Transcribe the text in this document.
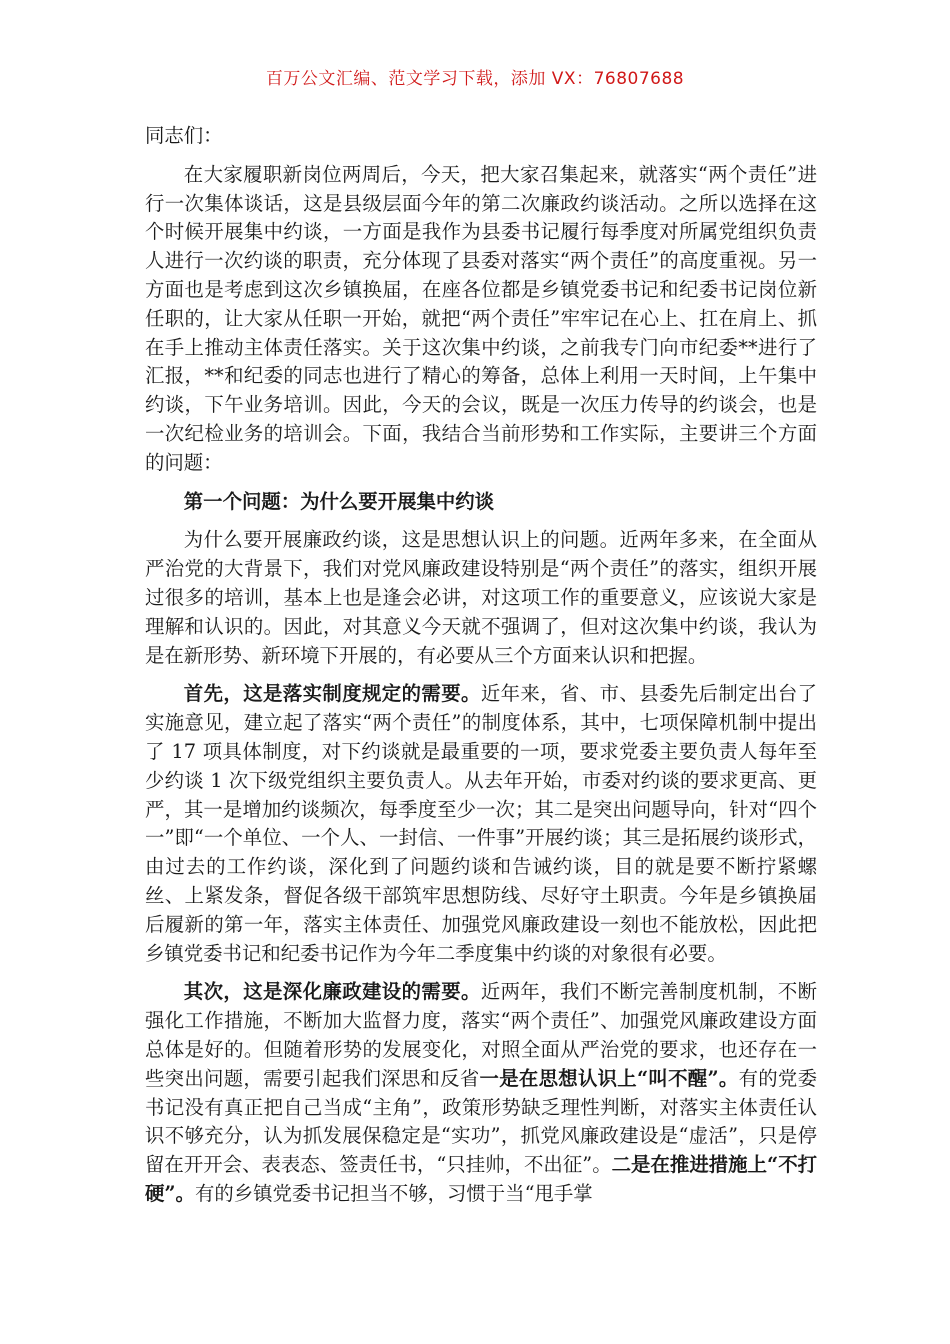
百万公文汇编、范文学习下载，添加 VX：76807688
同志们：
在大家履职新岗位两周后，今天，把大家召集起来，就落实“两个责任”进行一次集体谈话，这是县级层面今年的第二次廉政约谈活动。之所以选择在这个时候开展集中约谈，一方面是我作为县委书记履行每季度对所属党组织负责人进行一次约谈的职责，充分体现了县委对落实“两个责任”的高度重视。另一方面也是考虑到这次乡镇换届，在座各位都是乡镇党委书记和纪委书记岗位新任职的，让大家从任职一开始，就把“两个责任”牢牢记在心上、扛在肩上、抓在手上推动主体责任落实。关于这次集中约谈，之前我专门向市纪委**进行了汇报，**和纪委的同志也进行了精心的筹备，总体上利用一天时间，上午集中约谈，下午业务培训。因此，今天的会议，既是一次压力传导的约谈会，也是一次纪检业务的培训会。下面，我结合当前形势和工作实际，主要讲三个方面的问题：
第一个问题：为什么要开展集中约谈
为什么要开展廉政约谈，这是思想认识上的问题。近两年多来，在全面从严治党的大背景下，我们对党风廉政建设特别是“两个责任”的落实，组织开展过很多的培训，基本上也是逢会必讲，对这项工作的重要意义，应该说大家是理解和认识的。因此，对其意义今天就不强调了，但对这次集中约谈，我认为是在新形势、新环境下开展的，有必要从三个方面来认识和把握。
首先，这是落实制度规定的需要。近年来，省、市、县委先后制定出台了实施意见，建立起了落实“两个责任”的制度体系，其中，七项保障机制中提出了 17 项具体制度，对下约谈就是最重要的一项，要求党委主要负责人每年至少约谈 1 次下级党组织主要负责人。从去年开始，市委对约谈的要求更高、更严，其一是增加约谈频次，每季度至少一次；其二是突出问题导向，针对“四个一”即“一个单位、一个人、一封信、一件事”开展约谈；其三是拓展约谈形式，由过去的工作约谈，深化到了问题约谈和告诫约谈，目的就是要不断拧紧螺丝、上紧发条，督促各级干部筑牢思想防线、尽好守土职责。今年是乡镇换届后履新的第一年，落实主体责任、加强党风廉政建设一刻也不能放松，因此把乡镇党委书记和纪委书记作为今年二季度集中约谈的对象很有必要。
其次，这是深化廉政建设的需要。近两年，我们不断完善制度机制，不断强化工作措施，不断加大监督力度，落实“两个责任”、加强党风廉政建设方面总体是好的。但随着形势的发展变化，对照全面从严治党的要求，也还存在一些突出问题，需要引起我们深思和反省一是在思想认识上“叫不醒”。有的党委书记没有真正把自己当成“主角”，政策形势缺乏理性判断，对落实主体责任认识不够充分，认为抓发展保稳定是“实功”，抓党风廉政建设是“虚活”，只是停留在开开会、表表态、签责任书，“只挂帅，不出征”。二是在推进措施上“不打硬”。有的乡镇党委书记担当不够，习惯于当“甩手掌
